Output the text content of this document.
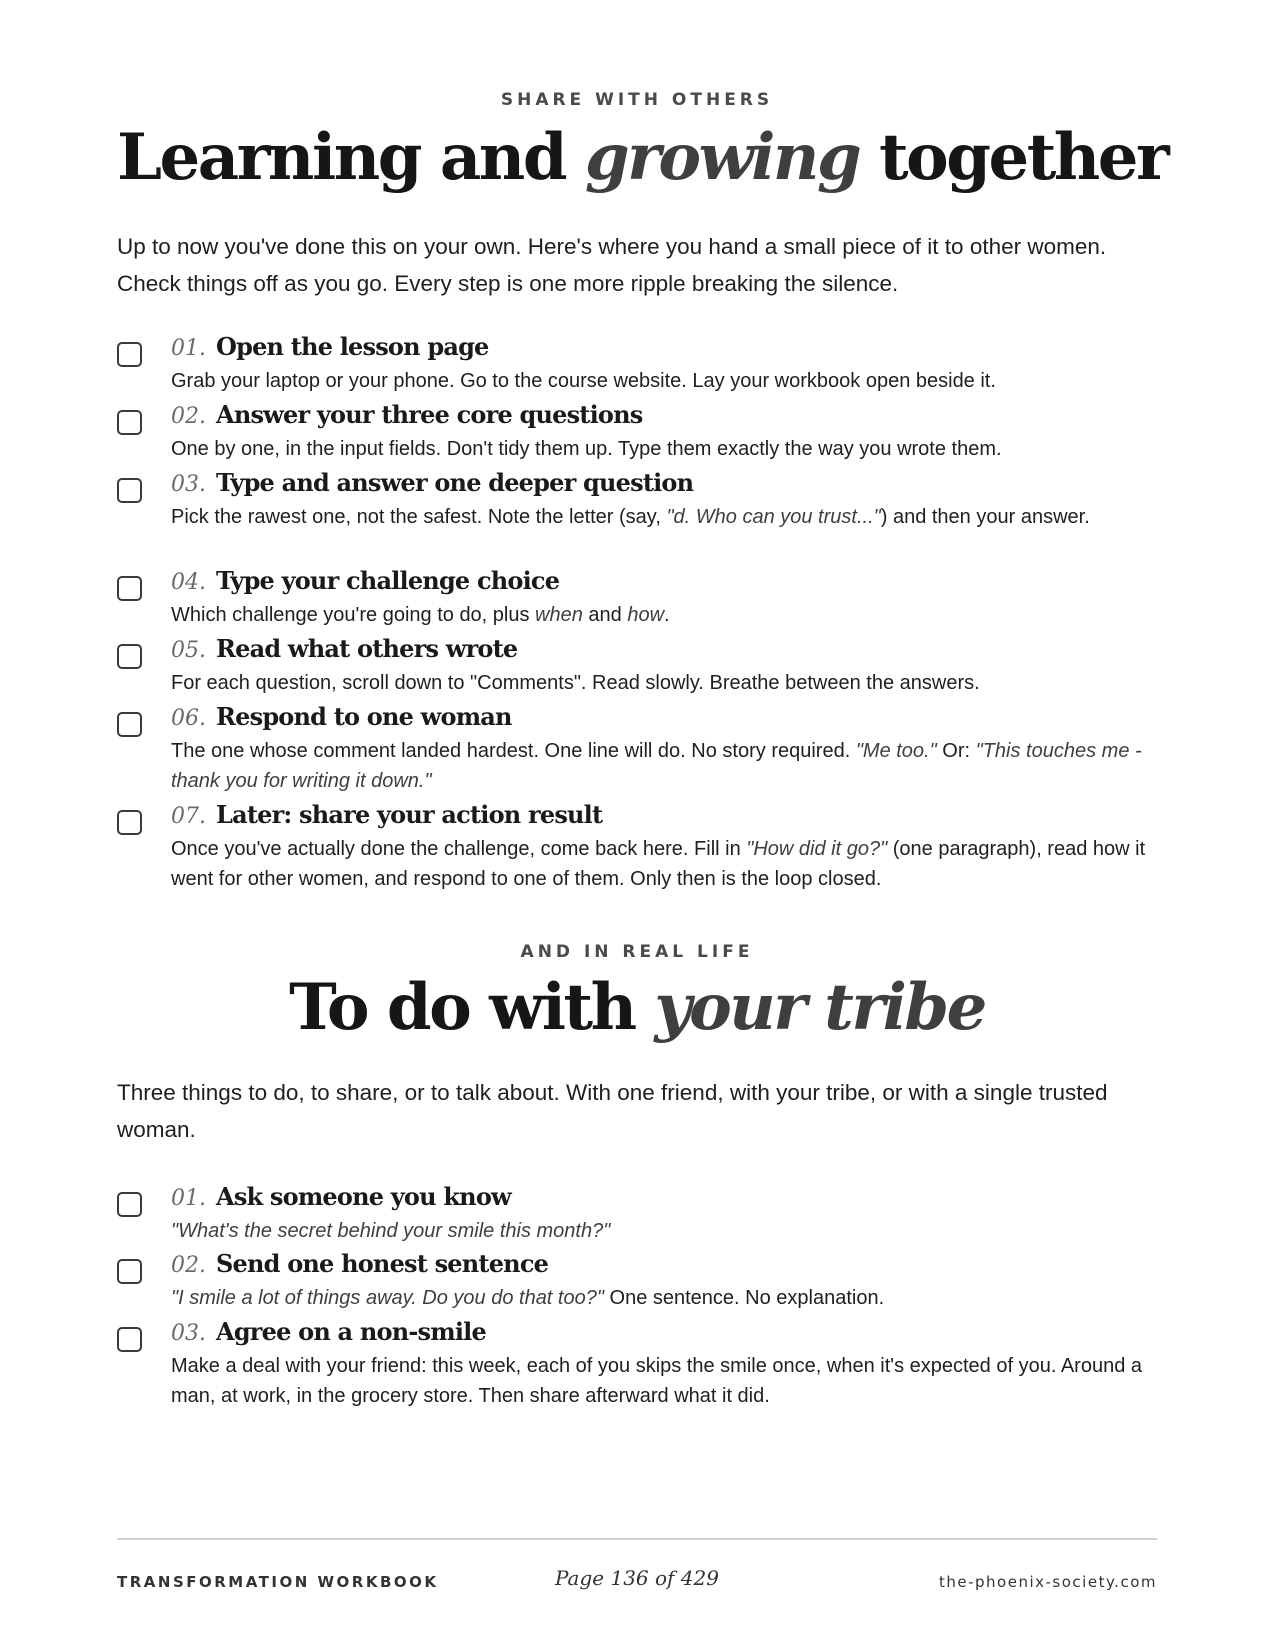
SHARE WITH OTHERS
Learning and growing together

Up to now you've done this on your own. Here's where you hand a small piece of it to other women. Check things off as you go. Every step is one more ripple breaking the silence.

01. Open the lesson page
Grab your laptop or your phone. Go to the course website. Lay your workbook open beside it.
02. Answer your three core questions
One by one, in the input fields. Don't tidy them up. Type them exactly the way you wrote them.
03. Type and answer one deeper question
Pick the rawest one, not the safest. Note the letter (say, "d. Who can you trust...") and then your answer.
04. Type your challenge choice
Which challenge you're going to do, plus when and how.
05. Read what others wrote
For each question, scroll down to "Comments". Read slowly. Breathe between the answers.
06. Respond to one woman
The one whose comment landed hardest. One line will do. No story required. "Me too." Or: "This touches me - thank you for writing it down."
07. Later: share your action result
Once you've actually done the challenge, come back here. Fill in "How did it go?" (one paragraph), read how it went for other women, and respond to one of them. Only then is the loop closed.
AND IN REAL LIFE
To do with your tribe

Three things to do, to share, or to talk about. With one friend, with your tribe, or with a single trusted woman.

01. Ask someone you know
"What's the secret behind your smile this month?"
02. Send one honest sentence
"I smile a lot of things away. Do you do that too?" One sentence. No explanation.
03. Agree on a non-smile
Make a deal with your friend: this week, each of you skips the smile once, when it's expected of you. Around a man, at work, in the grocery store. Then share afterward what it did.
TRANSFORMATION WORKBOOK	Page 136 of 429	the-phoenix-society.com
